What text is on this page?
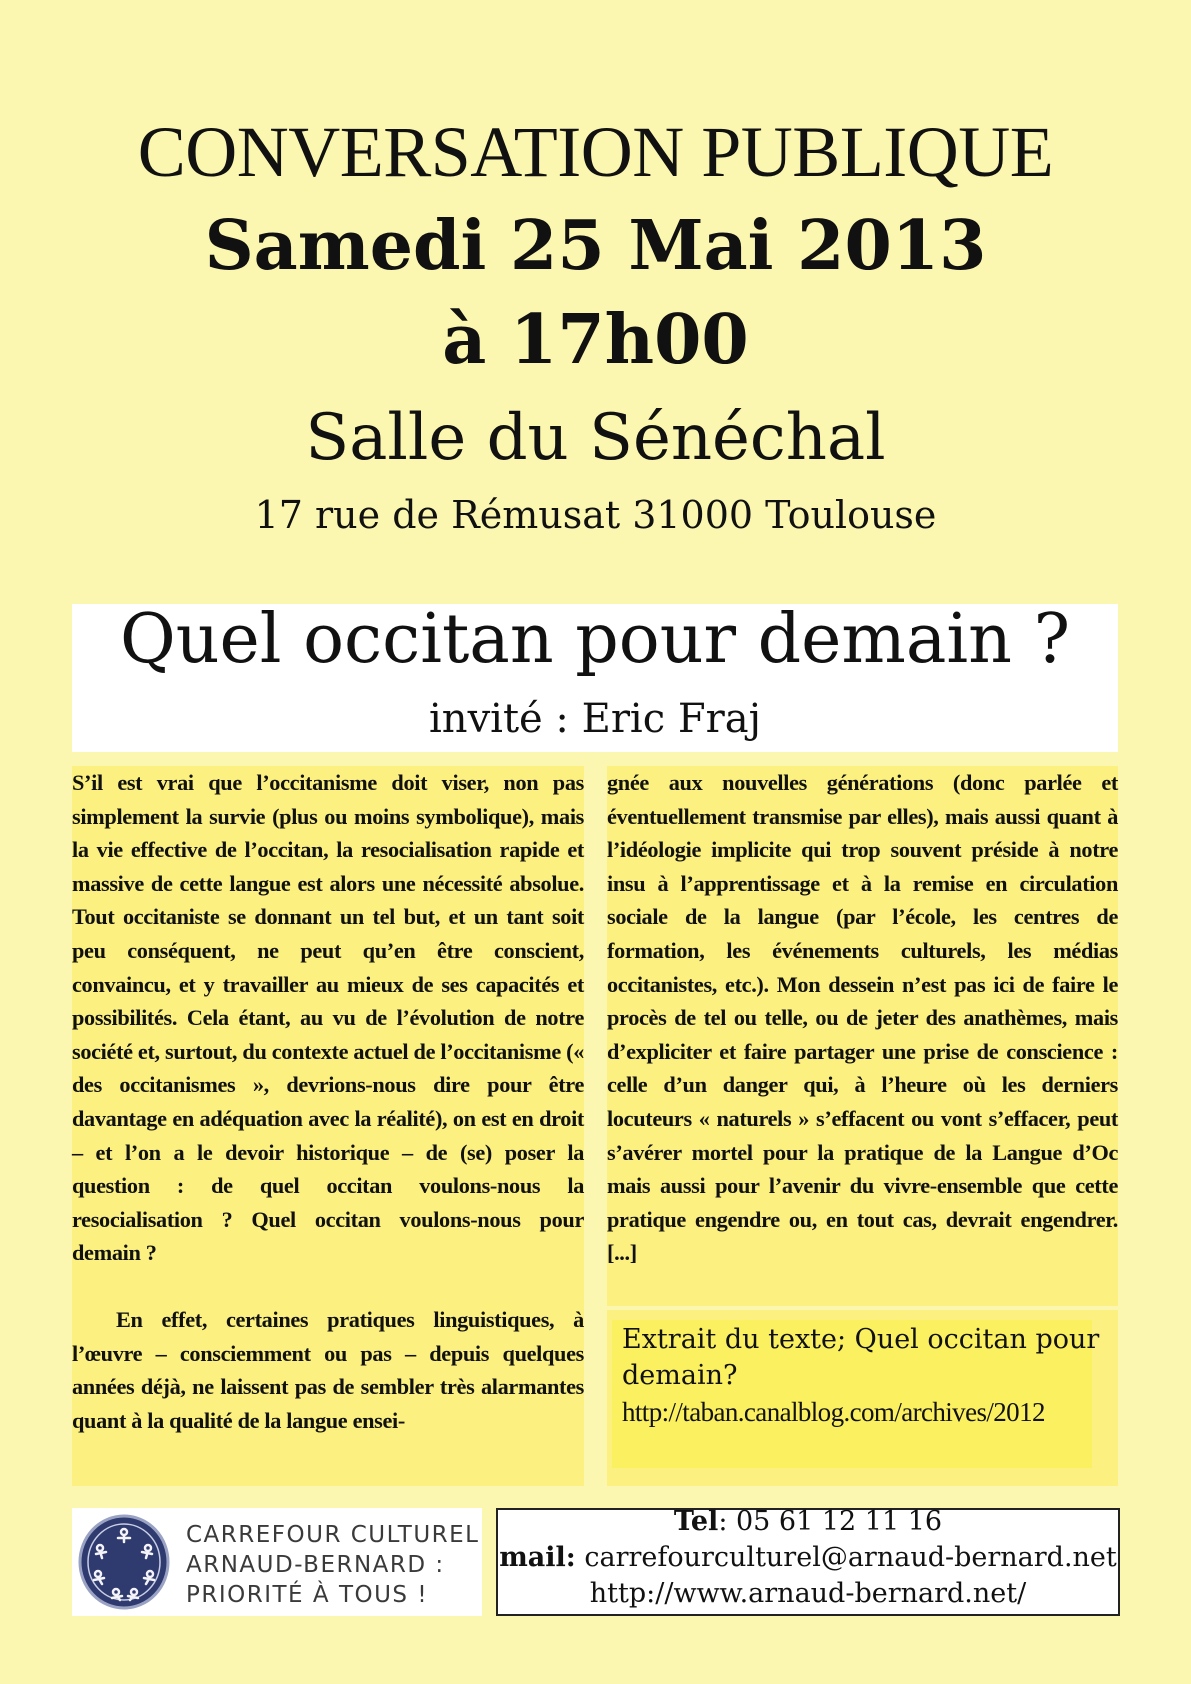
CONVERSATION PUBLIQUE
Samedi 25 Mai 2013
à 17h00
Salle du Sénéchal
17 rue de Rémusat 31000 Toulouse
Quel occitan pour demain ?
invité : Eric Fraj

S’il est vrai que l’occitanisme doit viser, non pas simplement la survie (plus ou moins symbolique), mais la vie effective de l’occitan, la resocialisation rapide et massive de cette langue est alors une nécessité absolue. Tout occitaniste se donnant un tel but, et un tant soit peu conséquent, ne peut qu’en être conscient, convaincu, et y travailler au mieux de ses capacités et possibilités. Cela étant, au vu de l’évolution de notre société et, surtout, du contexte actuel de l’occitanisme (« des occitanismes », devrions-nous dire pour être davantage en adéquation avec la réalité), on est en droit – et l’on a le devoir historique – de (se) poser la question : de quel occitan voulons-nous la resocialisation ? Quel occitan voulons-nous pour demain ?

En effet, certaines pratiques linguistiques, à l’œuvre – consciemment ou pas – depuis quelques années déjà, ne laissent pas de sembler très alarmantes quant à la qualité de la langue ensei-

gnée aux nouvelles générations (donc parlée et éventuellement transmise par elles), mais aussi quant à l’idéologie implicite qui trop souvent préside à notre insu à l’apprentissage et à la remise en circulation sociale de la langue (par l’école, les centres de formation, les événements culturels, les médias occitanistes, etc.). Mon dessein n’est pas ici de faire le procès de tel ou telle, ou de jeter des anathèmes, mais d’expliciter et faire partager une prise de conscience : celle d’un danger qui, à l’heure où les derniers locuteurs « naturels » s’effacent ou vont s’effacer, peut s’avérer mortel pour la pratique de la Langue d’Oc mais aussi pour l’avenir du vivre-ensemble que cette pratique engendre ou, en tout cas, devrait engendrer. [...]

Extrait du texte; Quel occitan pour demain?
http://taban.canalblog.com/archives/2012
CARREFOUR CULTUREL
ARNAUD-BERNARD :
PRIORITÉ À TOUS !
Tel: 05 61 12 11 16
mail: carrefourculturel@arnaud-bernard.net
http://www.arnaud-bernard.net/
